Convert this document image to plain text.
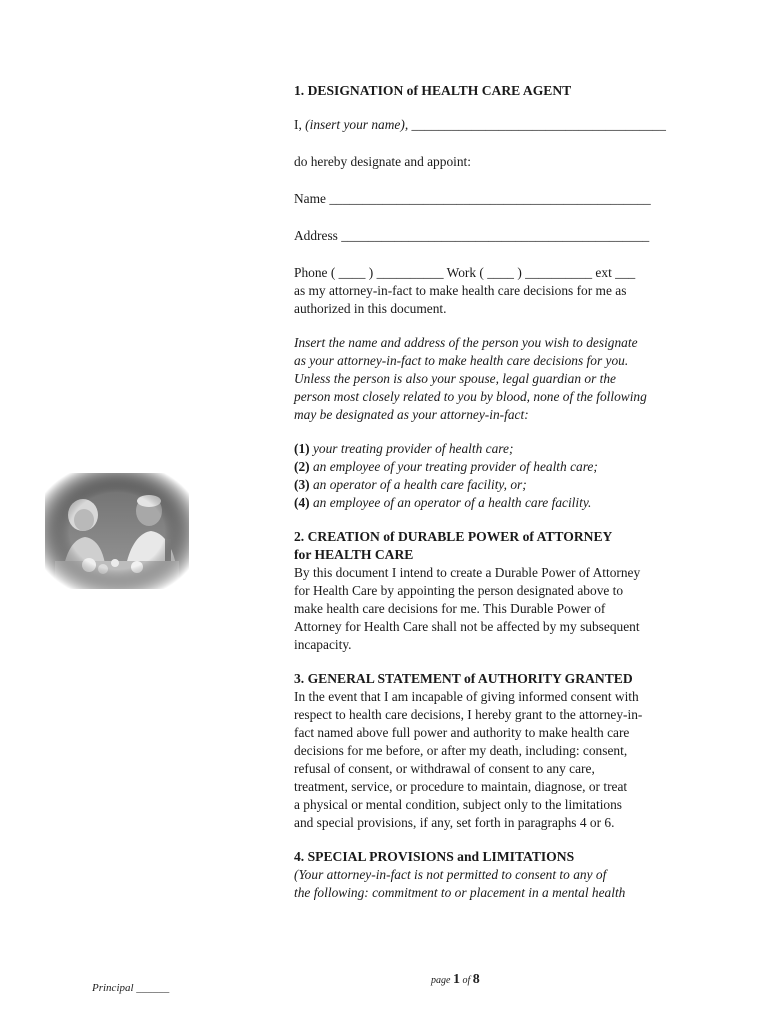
1. DESIGNATION of HEALTH CARE AGENT

I, (insert your name), ______________________________________

do hereby designate and appoint:

Name ________________________________________________

Address ______________________________________________

Phone ( ____ ) __________ Work ( ____ ) __________ ext ___

as my attorney-in-fact to make health care decisions for me as

authorized in this document.

Insert the name and address of the person you wish to designate

as your attorney-in-fact to make health care decisions for you.

Unless the person is also your spouse, legal guardian or the

person most closely related to you by blood, none of the following

may be designated as your attorney-in-fact:

(1) your treating provider of health care;

(2) an employee of your treating provider of health care;

(3) an operator of a health care facility, or;

(4) an employee of an operator of a health care facility.

2. CREATION of DURABLE POWER of ATTORNEY

for HEALTH CARE

By this document I intend to create a Durable Power of Attorney

for Health Care by appointing the person designated above to

make health care decisions for me. This Durable Power of

Attorney for Health Care shall not be affected by my subsequent

incapacity.

3. GENERAL STATEMENT of AUTHORITY GRANTED

In the event that I am incapable of giving informed consent with

respect to health care decisions, I hereby grant to the attorney-in-

fact named above full power and authority to make health care

decisions for me before, or after my death, including: consent,

refusal of consent, or withdrawal of consent to any care,

treatment, service, or procedure to maintain, diagnose, or treat

a physical or mental condition, subject only to the limitations

and special provisions, if any, set forth in paragraphs 4 or 6.

4. SPECIAL PROVISIONS and LIMITATIONS

(Your attorney-in-fact is not permitted to consent to any of

the following: commitment to or placement in a mental health

Principal ______
page 1 of 8
